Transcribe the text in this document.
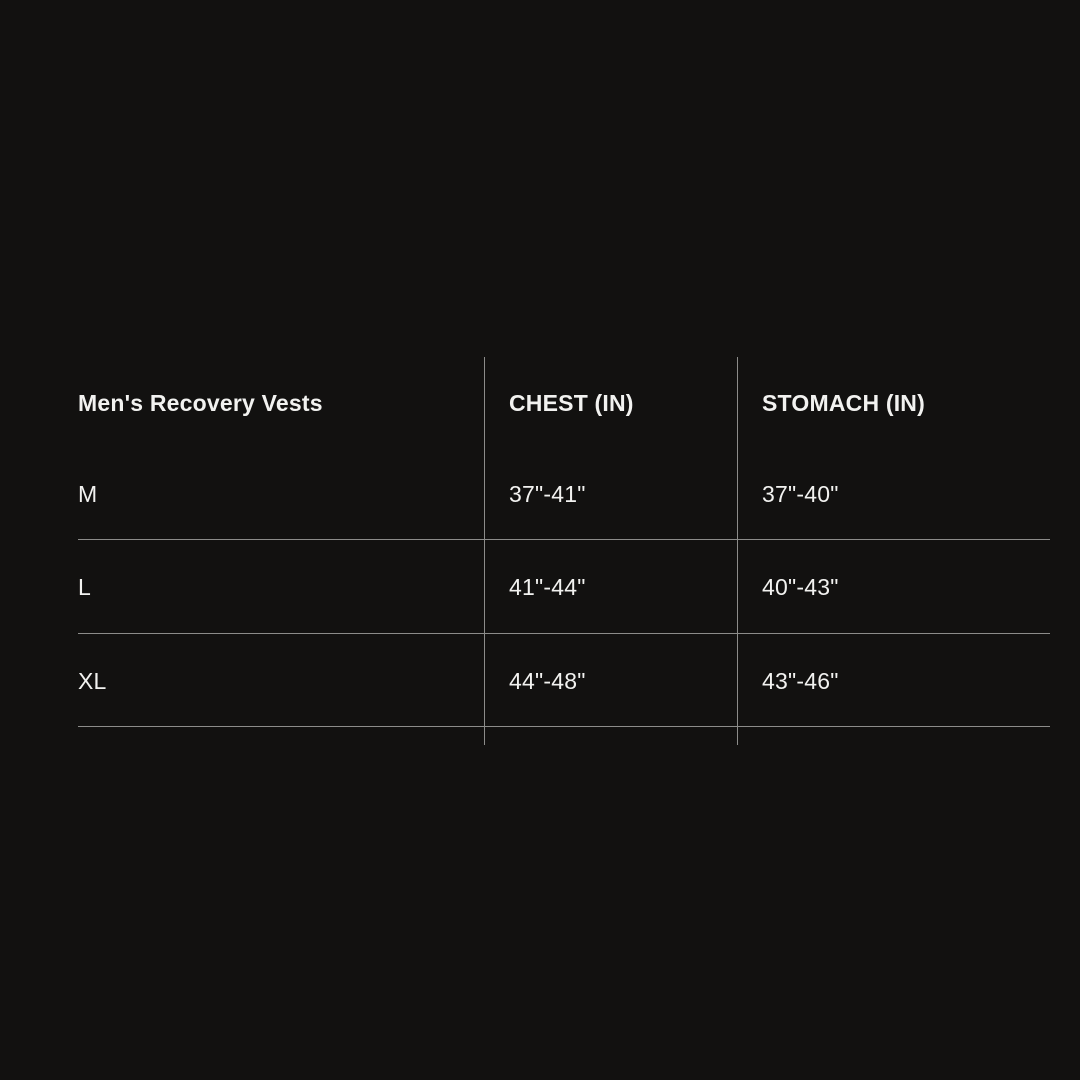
Men's Recovery Vests	CHEST (IN)	STOMACH (IN)
M	37"-41"	37"-40"
L	41"-44"	40"-43"
XL	44"-48"	43"-46"
